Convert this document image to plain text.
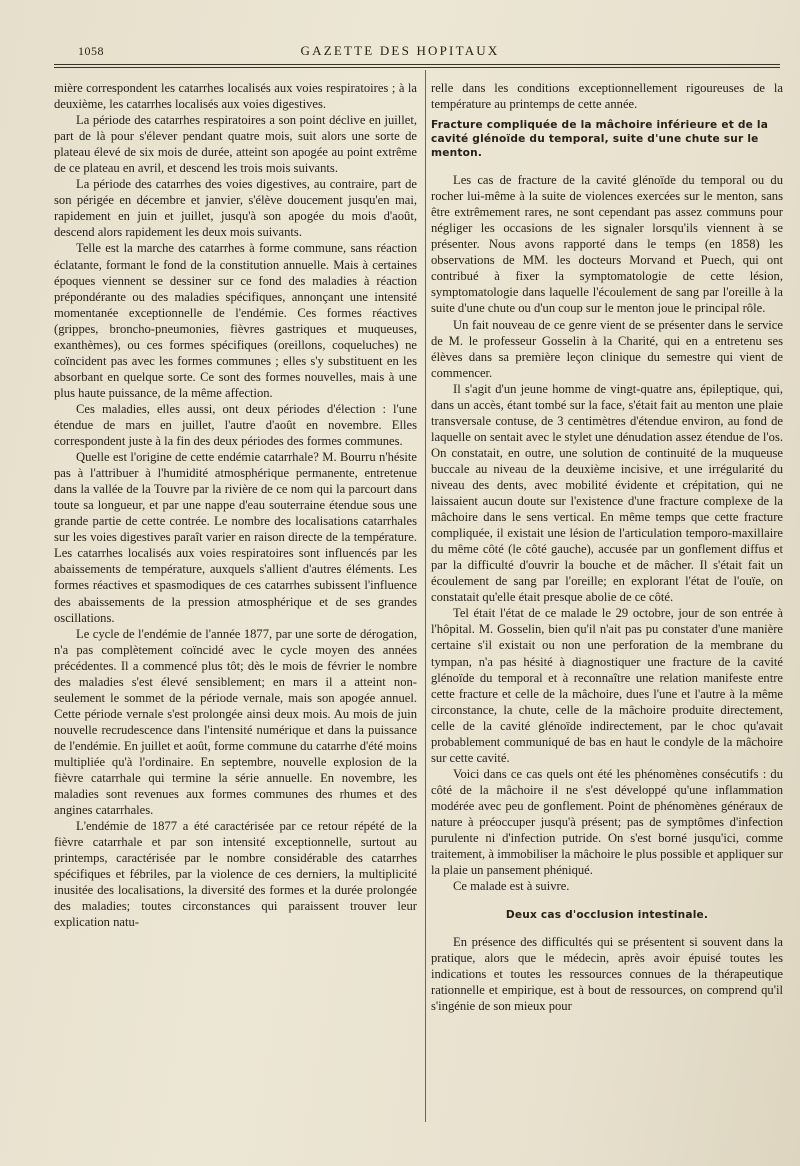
1058	GAZETTE DES HOPITAUX

mière correspondent les catarrhes localisés aux voies respiratoires ; à la deuxième, les catarrhes localisés aux voies digestives.

La période des catarrhes respiratoires a son point déclive en juillet, part de là pour s'élever pendant quatre mois, suit alors une sorte de plateau élevé de six mois de durée, atteint son apogée au point extrême de ce plateau en avril, et descend les trois mois suivants.

La période des catarrhes des voies digestives, au contraire, part de son périgée en décembre et janvier, s'élève doucement jusqu'en mai, rapidement en juin et juillet, jusqu'à son apogée du mois d'août, descend alors rapidement les deux mois suivants.

Telle est la marche des catarrhes à forme commune, sans réaction éclatante, formant le fond de la constitution annuelle. Mais à certaines époques viennent se dessiner sur ce fond des maladies à réaction prépondérante ou des maladies spécifiques, annonçant une intensité momentanée exceptionnelle de l'endémie. Ces formes réactives (grippes, broncho-pneumonies, fièvres gastriques et muqueuses, exanthèmes), ou ces formes spécifiques (oreillons, coqueluches) ne coïncident pas avec les formes communes ; elles s'y substituent en les absorbant en quelque sorte. Ce sont des formes nouvelles, mais à une plus haute puissance, de la même affection.

Ces maladies, elles aussi, ont deux périodes d'élection : l'une étendue de mars en juillet, l'autre d'août en novembre. Elles correspondent juste à la fin des deux périodes des formes communes.

Quelle est l'origine de cette endémie catarrhale? M. Bourru n'hésite pas à l'attribuer à l'humidité atmosphérique permanente, entretenue dans la vallée de la Touvre par la rivière de ce nom qui la parcourt dans toute sa longueur, et par une nappe d'eau souterraine étendue sous une grande partie de cette contrée. Le nombre des localisations catarrhales sur les voies digestives paraît varier en raison directe de la température. Les catarrhes localisés aux voies respiratoires sont influencés par les abaissements de température, auxquels s'allient d'autres éléments. Les formes réactives et spasmodiques de ces catarrhes subissent l'influence des abaissements de la pression atmosphérique et de ses grandes oscillations.

Le cycle de l'endémie de l'année 1877, par une sorte de dérogation, n'a pas complètement coïncidé avec le cycle moyen des années précédentes. Il a commencé plus tôt; dès le mois de février le nombre des maladies s'est élevé sensiblement; en mars il a atteint non-seulement le sommet de la période vernale, mais son apogée annuel. Cette période vernale s'est prolongée ainsi deux mois. Au mois de juin nouvelle recrudescence dans l'intensité numérique et dans la puissance de l'endémie. En juillet et août, forme commune du catarrhe d'été moins multipliée qu'à l'ordinaire. En septembre, nouvelle explosion de la fièvre catarrhale qui termine la série annuelle. En novembre, les maladies sont revenues aux formes communes des rhumes et des angines catarrhales.

L'endémie de 1877 a été caractérisée par ce retour répété de la fièvre catarrhale et par son intensité exceptionnelle, surtout au printemps, caractérisée par le nombre considérable des catarrhes spécifiques et fébriles, par la violence de ces derniers, la multiplicité inusitée des localisations, la diversité des formes et la durée prolongée des maladies; toutes circonstances qui paraissent trouver leur explication natu-

relle dans les conditions exceptionnellement rigoureuses de la température au printemps de cette année.

Fracture compliquée de la mâchoire inférieure et de la cavité glénoïde du temporal, suite d'une chute sur le menton.

Les cas de fracture de la cavité glénoïde du temporal ou du rocher lui-même à la suite de violences exercées sur le menton, sans être extrêmement rares, ne sont cependant pas assez communs pour négliger les occasions de les signaler lorsqu'ils viennent à se présenter. Nous avons rapporté dans le temps (en 1858) les observations de MM. les docteurs Morvand et Puech, qui ont contribué à fixer la symptomatologie de cette lésion, symptomatologie dans laquelle l'écoulement de sang par l'oreille à la suite d'une chute ou d'un coup sur le menton joue le principal rôle.

Un fait nouveau de ce genre vient de se présenter dans le service de M. le professeur Gosselin à la Charité, qui en a entretenu ses élèves dans sa première leçon clinique du semestre qui vient de commencer.

Il s'agit d'un jeune homme de vingt-quatre ans, épileptique, qui, dans un accès, étant tombé sur la face, s'était fait au menton une plaie transversale contuse, de 3 centimètres d'étendue environ, au fond de laquelle on sentait avec le stylet une dénudation assez étendue de l'os. On constatait, en outre, une solution de continuité de la muqueuse buccale au niveau de la deuxième incisive, et une irrégularité du niveau des dents, avec mobilité évidente et crépitation, qui ne laissaient aucun doute sur l'existence d'une fracture complexe de la mâchoire dans le sens vertical. En même temps que cette fracture compliquée, il existait une lésion de l'articulation temporo-maxillaire du même côté (le côté gauche), accusée par un gonflement diffus et par la difficulté d'ouvrir la bouche et de mâcher. Il s'était fait un écoulement de sang par l'oreille; en explorant l'état de l'ouïe, on constatait qu'elle était presque abolie de ce côté.

Tel était l'état de ce malade le 29 octobre, jour de son entrée à l'hôpital. M. Gosselin, bien qu'il n'ait pas pu constater d'une manière certaine s'il existait ou non une perforation de la membrane du tympan, n'a pas hésité à diagnostiquer une fracture de la cavité glénoïde du temporal et à reconnaître une relation manifeste entre cette fracture et celle de la mâchoire, dues l'une et l'autre à la même circonstance, la chute, celle de la mâchoire produite directement, celle de la cavité glénoïde indirectement, par le choc qu'avait probablement communiqué de bas en haut le condyle de la mâchoire sur cette cavité.

Voici dans ce cas quels ont été les phénomènes consécutifs : du côté de la mâchoire il ne s'est développé qu'une inflammation modérée avec peu de gonflement. Point de phénomènes généraux de nature à préoccuper jusqu'à présent; pas de symptômes d'infection purulente ni d'infection putride. On s'est borné jusqu'ici, comme traitement, à immobiliser la mâchoire le plus possible et appliquer sur la plaie un pansement phéniqué.

Ce malade est à suivre.

Deux cas d'occlusion intestinale.

En présence des difficultés qui se présentent si souvent dans la pratique, alors que le médecin, après avoir épuisé toutes les indications et toutes les ressources connues de la thérapeutique rationnelle et empirique, est à bout de ressources, on comprend qu'il s'ingénie de son mieux pour
